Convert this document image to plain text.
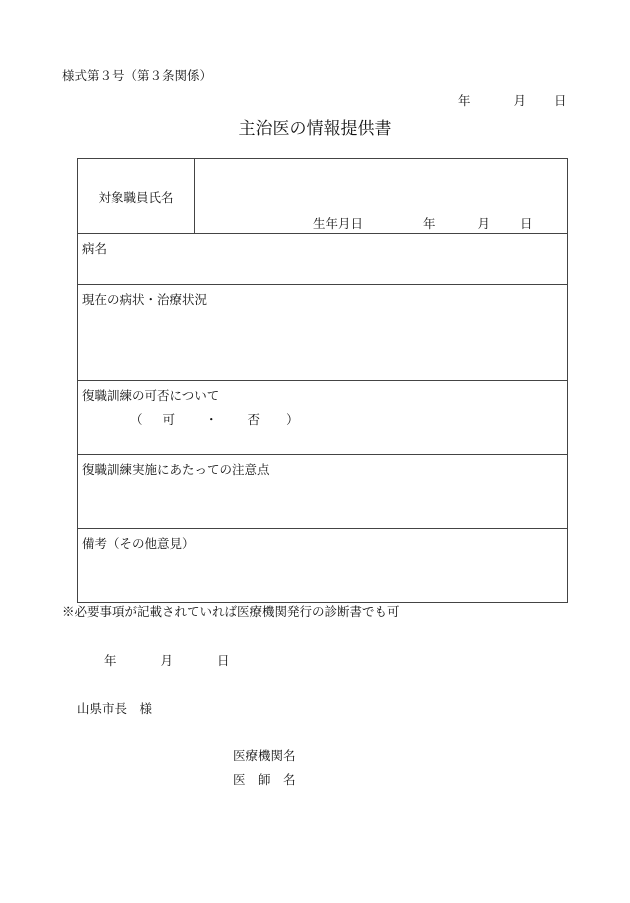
様式第３号（第３条関係）
年	月 日
主治医の情報提供書
対象職員氏名

生年月日	年	月 日

病名

現在の病状・治療状況

復職訓練の可否について
（ 可 ・ 否 ）

復職訓練実施にあたっての注意点

備考（その他意見）
※必要事項が記載されていれば医療機関発行の診断書でも可
年	月	日
山県市長　様
医療機関名
医　師　名
